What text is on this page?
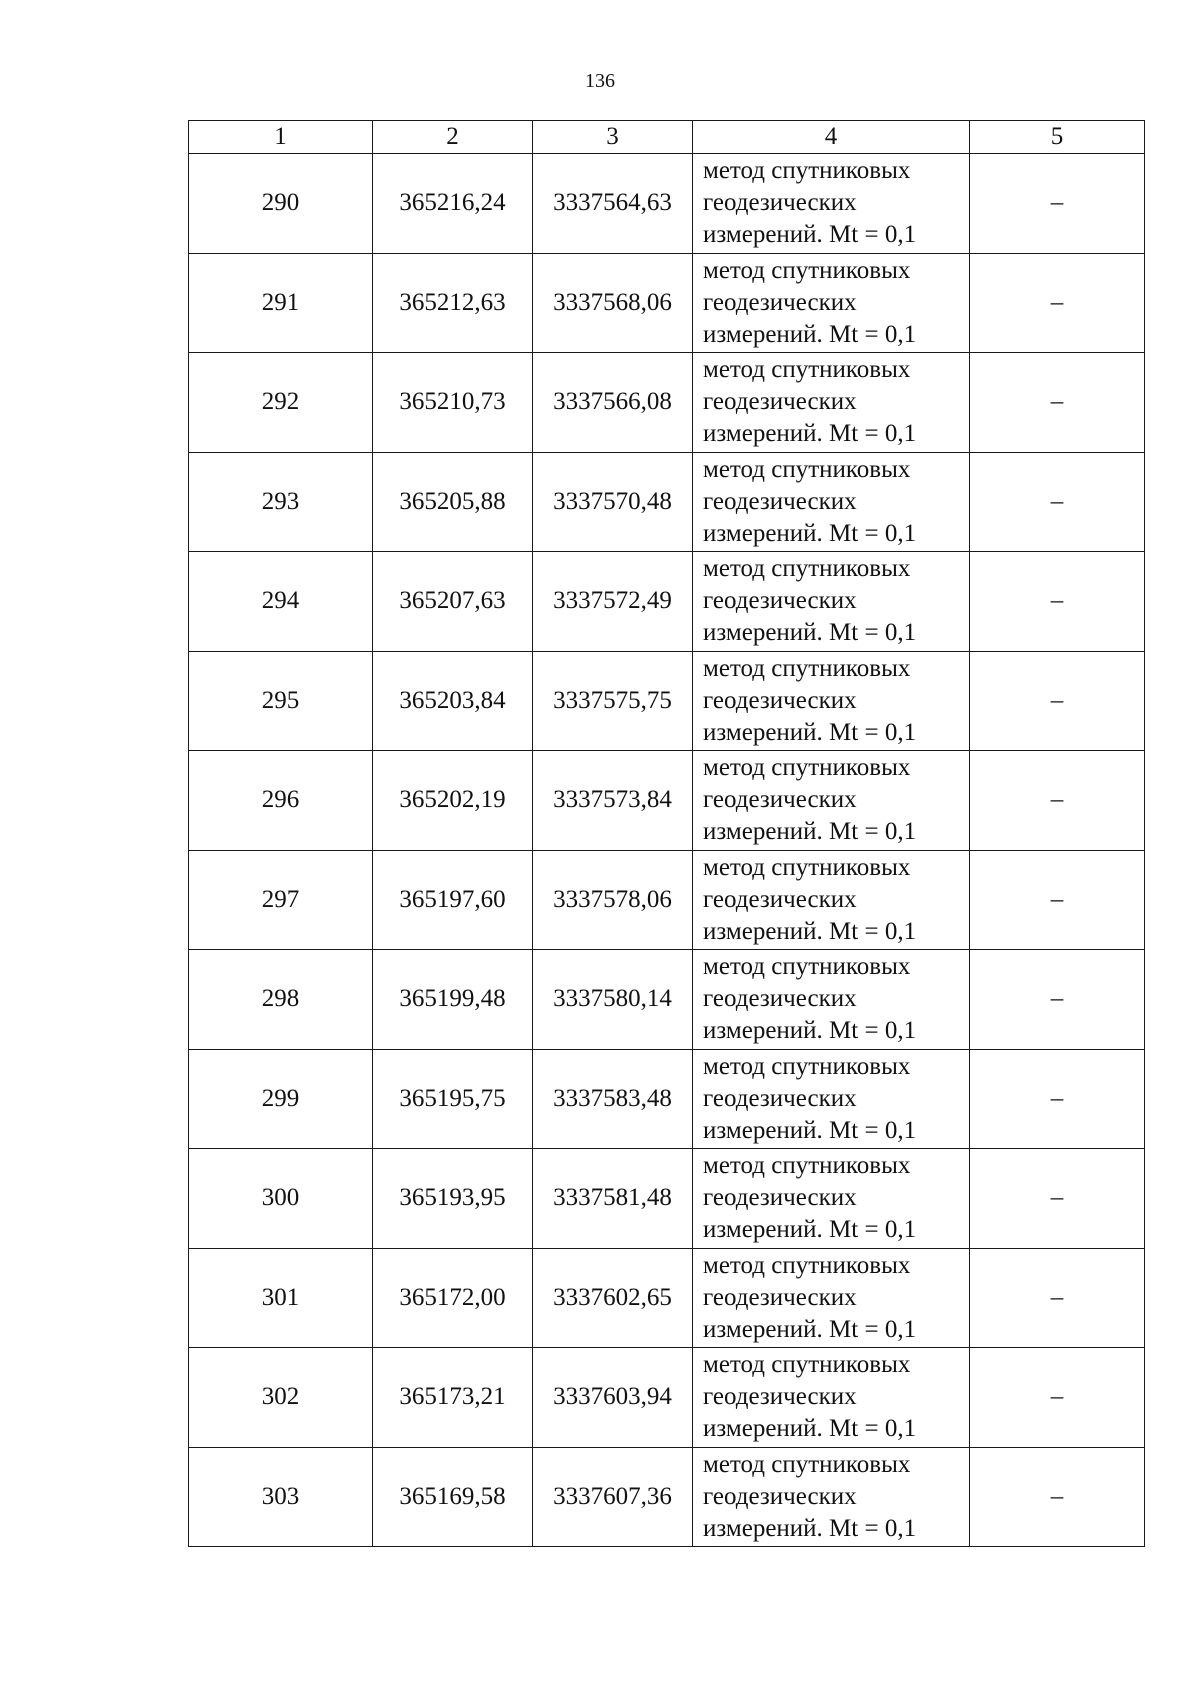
136
1	2	3	4	5
290	365216,24	3337564,63	метод спутниковых
геодезических
измерений. Mt = 0,1	–
291	365212,63	3337568,06	метод спутниковых
геодезических
измерений. Mt = 0,1	–
292	365210,73	3337566,08	метод спутниковых
геодезических
измерений. Mt = 0,1	–
293	365205,88	3337570,48	метод спутниковых
геодезических
измерений. Mt = 0,1	–
294	365207,63	3337572,49	метод спутниковых
геодезических
измерений. Mt = 0,1	–
295	365203,84	3337575,75	метод спутниковых
геодезических
измерений. Mt = 0,1	–
296	365202,19	3337573,84	метод спутниковых
геодезических
измерений. Mt = 0,1	–
297	365197,60	3337578,06	метод спутниковых
геодезических
измерений. Mt = 0,1	–
298	365199,48	3337580,14	метод спутниковых
геодезических
измерений. Mt = 0,1	–
299	365195,75	3337583,48	метод спутниковых
геодезических
измерений. Mt = 0,1	–
300	365193,95	3337581,48	метод спутниковых
геодезических
измерений. Mt = 0,1	–
301	365172,00	3337602,65	метод спутниковых
геодезических
измерений. Mt = 0,1	–
302	365173,21	3337603,94	метод спутниковых
геодезических
измерений. Mt = 0,1	–
303	365169,58	3337607,36	метод спутниковых
геодезических
измерений. Mt = 0,1	–
